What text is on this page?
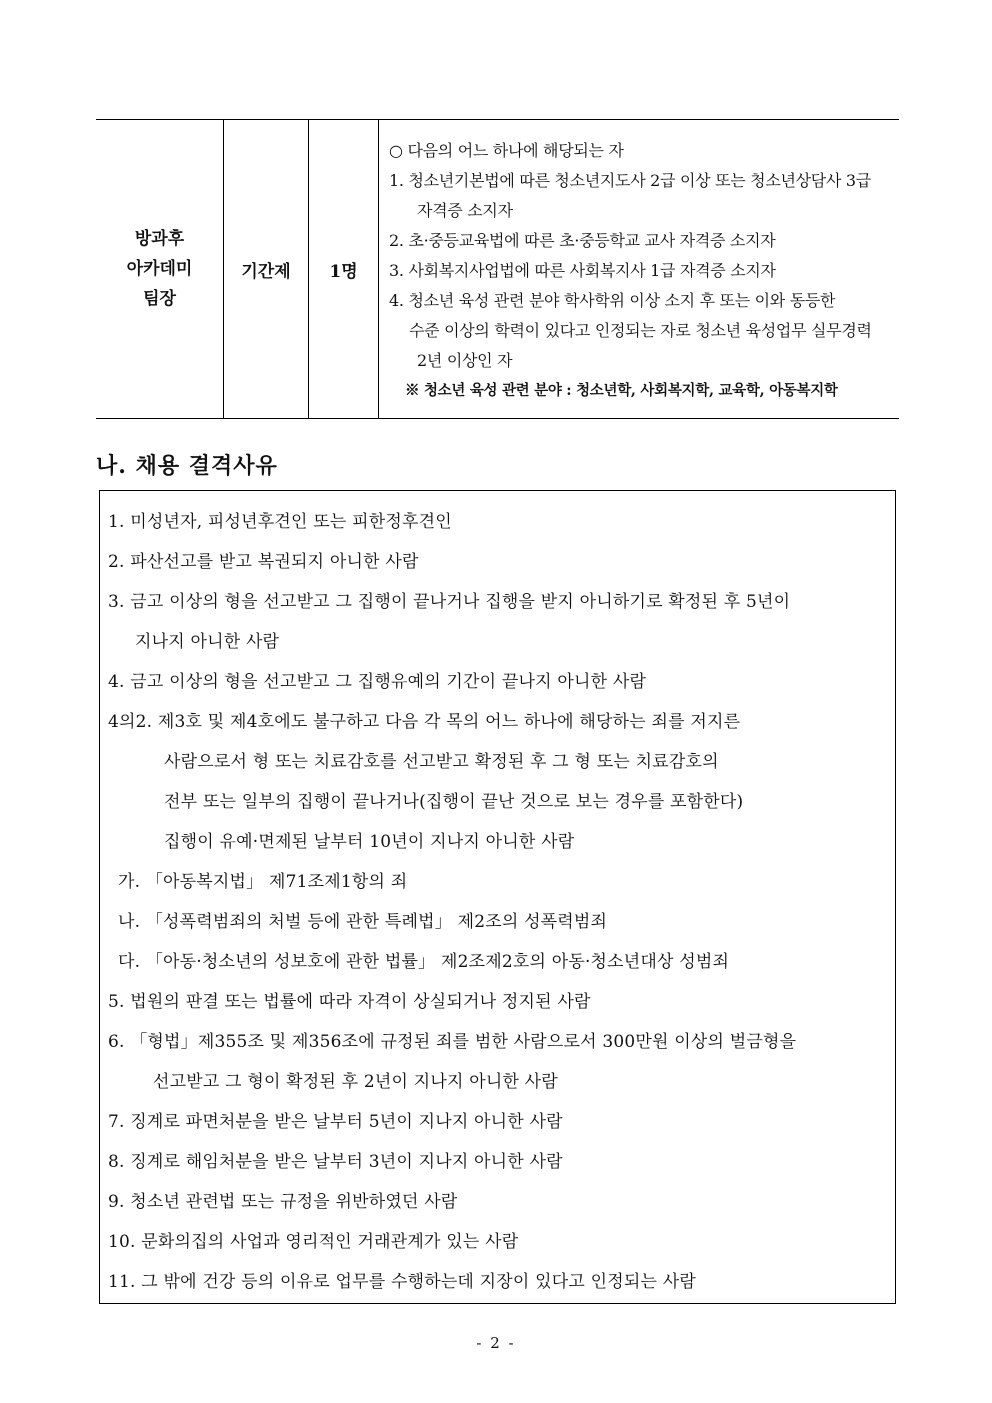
방과후
아카데미
팀장
기간제 1명
○ 다음의 어느 하나에 해당되는 자
1. 청소년기본법에 따른 청소년지도사 2급 이상 또는 청소년상담사 3급
자격증 소지자
2. 초·중등교육법에 따른 초·중등학교 교사 자격증 소지자
3. 사회복지사업법에 따른 사회복지사 1급 자격증 소지자
4. 청소년 육성 관련 분야 학사학위 이상 소지 후 또는 이와 동등한
수준 이상의 학력이 있다고 인정되는 자로 청소년 육성업무 실무경력
2년 이상인 자
※ 청소년 육성 관련 분야 : 청소년학, 사회복지학, 교육학, 아동복지학
나. 채용 결격사유
1. 미성년자, 피성년후견인 또는 피한정후견인
2. 파산선고를 받고 복권되지 아니한 사람
3. 금고 이상의 형을 선고받고 그 집행이 끝나거나 집행을 받지 아니하기로 확정된 후 5년이
지나지 아니한 사람
4. 금고 이상의 형을 선고받고 그 집행유예의 기간이 끝나지 아니한 사람
4의2. 제3호 및 제4호에도 불구하고 다음 각 목의 어느 하나에 해당하는 죄를 저지른
사람으로서 형 또는 치료감호를 선고받고 확정된 후 그 형 또는 치료감호의
전부 또는 일부의 집행이 끝나거나(집행이 끝난 것으로 보는 경우를 포함한다)
집행이 유예·면제된 날부터 10년이 지나지 아니한 사람
가. 「아동복지법」 제71조제1항의 죄
나. 「성폭력범죄의 처벌 등에 관한 특례법」 제2조의 성폭력범죄
다. 「아동·청소년의 성보호에 관한 법률」 제2조제2호의 아동·청소년대상 성범죄
5. 법원의 판결 또는 법률에 따라 자격이 상실되거나 정지된 사람
6. 「형법」제355조 및 제356조에 규정된 죄를 범한 사람으로서 300만원 이상의 벌금형을
선고받고 그 형이 확정된 후 2년이 지나지 아니한 사람
7. 징계로 파면처분을 받은 날부터 5년이 지나지 아니한 사람
8. 징계로 해임처분을 받은 날부터 3년이 지나지 아니한 사람
9. 청소년 관련법 또는 규정을 위반하였던 사람
10. 문화의집의 사업과 영리적인 거래관계가 있는 사람
11. 그 밖에 건강 등의 이유로 업무를 수행하는데 지장이 있다고 인정되는 사람
- 2 -
